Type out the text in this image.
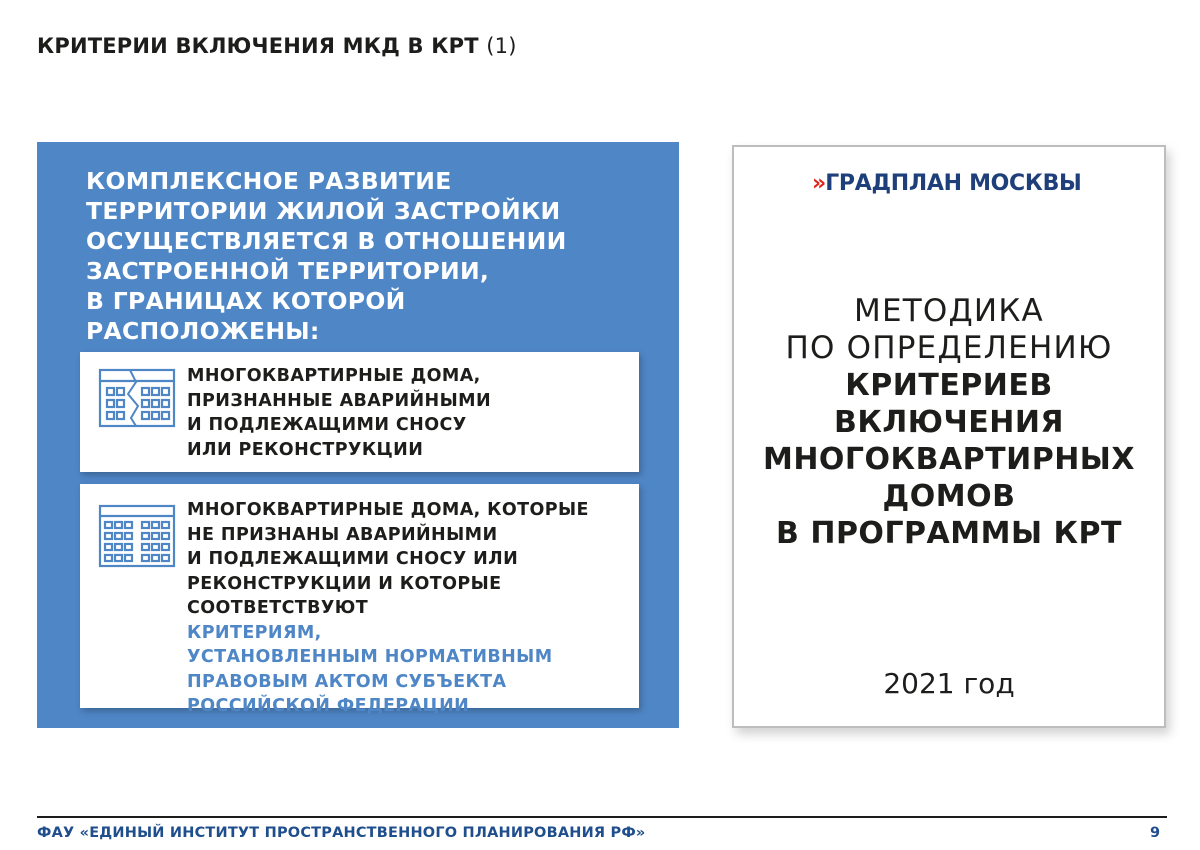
КРИТЕРИИ ВКЛЮЧЕНИЯ МКД В КРТ (1)
КОМПЛЕКСНОЕ РАЗВИТИЕ
ТЕРРИТОРИИ ЖИЛОЙ ЗАСТРОЙКИ
ОСУЩЕСТВЛЯЕТСЯ В ОТНОШЕНИИ
ЗАСТРОЕННОЙ ТЕРРИТОРИИ,
В ГРАНИЦАХ КОТОРОЙ
РАСПОЛОЖЕНЫ:
МНОГОКВАРТИРНЫЕ ДОМА,
ПРИЗНАННЫЕ АВАРИЙНЫМИ
И ПОДЛЕЖАЩИМИ СНОСУ
ИЛИ РЕКОНСТРУКЦИИ
МНОГОКВАРТИРНЫЕ ДОМА, КОТОРЫЕ
НЕ ПРИЗНАНЫ АВАРИЙНЫМИ
И ПОДЛЕЖАЩИМИ СНОСУ ИЛИ
РЕКОНСТРУКЦИИ И КОТОРЫЕ
СООТВЕТСТВУЮТ
КРИТЕРИЯМ,
УСТАНОВЛЕННЫМ НОРМАТИВНЫМ
ПРАВОВЫМ АКТОМ СУБЪЕКТА
РОССИЙСКОЙ ФЕДЕРАЦИИ
» ГРАДПЛАН МОСКВЫ
МЕТОДИКА
ПО ОПРЕДЕЛЕНИЮ
КРИТЕРИЕВ
ВКЛЮЧЕНИЯ
МНОГОКВАРТИРНЫХ
ДОМОВ
В ПРОГРАММЫ КРТ
2021 год
ФАУ «ЕДИНЫЙ ИНСТИТУТ ПРОСТРАНСТВЕННОГО ПЛАНИРОВАНИЯ РФ»	9
